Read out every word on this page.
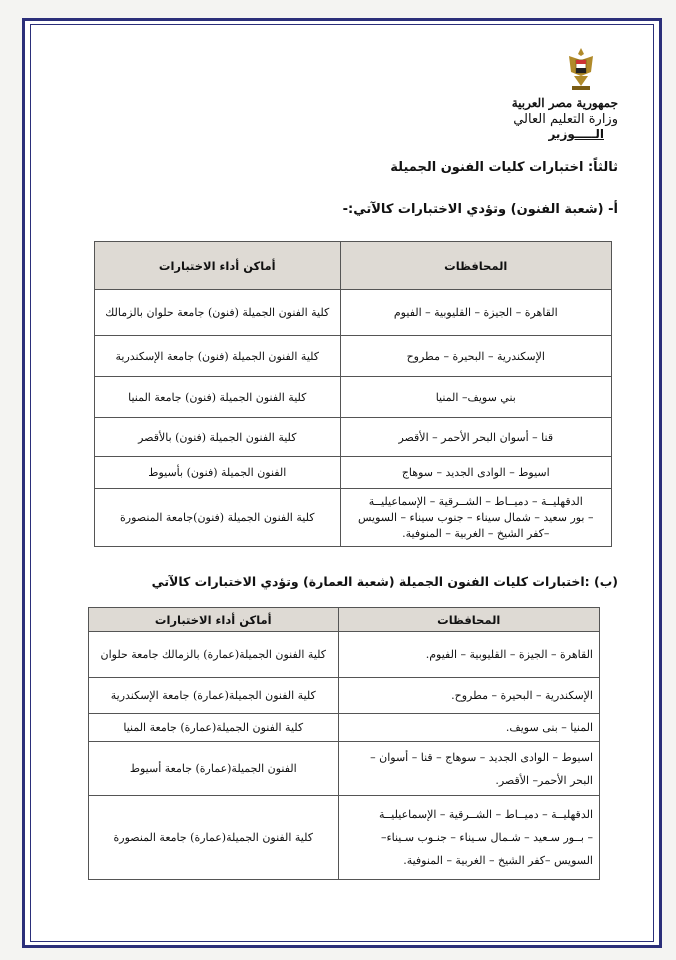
جمهورية مصر العربية
وزارة التعليم العالي
الـــــوزير
ثالثاً: اختبارات كليات الفنون الجميلة
أ- (شعبة الفنون) وتؤدي الاختبارات كالآتي:-
المحافظات	أماكن أداء الاختبارات
القاهرة – الجيزة – القليوبية – الفيوم	كلية الفنون الجميلة (فنون) جامعة حلوان بالزمالك
الإسكندرية – البحيرة – مطروح	كلية الفنون الجميلة (فنون) جامعة الإسكندرية
بني سويف– المنيا	كلية الفنون الجميلة (فنون) جامعة المنيا
قنا – أسوان البحر الأحمر – الأقصر	كلية الفنون الجميلة (فنون) بالأقصر
اسيوط – الوادى الجديد – سوهاج	الفنون الجميلة (فنون) بأسيوط

الدقهليــة – دميــاط – الشــرقية – الإسماعيليــة
– بور سعيد – شمال سيناء – جنوب سيناء – السويس
–كفر الشيخ – الغربية – المنوفية.	كلية الفنون الجميلة (فنون)جامعة المنصورة
(ب) :اختبارات كليات الفنون الجميلة (شعبة العمارة) وتؤدي الاختبارات كالآتي
المحافظات	أماكن أداء الاختبارات
القاهرة – الجيزة – القليوبية – الفيوم.	كلية الفنون الجميلة(عمارة) بالزمالك جامعة حلوان
الإسكندرية – البحيرة – مطروح.	كلية الفنون الجميلة(عمارة) جامعة الإسكندرية
المنيا – بنى سويف.	كلية الفنون الجميلة(عمارة) جامعة المنيا

اسيوط – الوادى الجديد – سوهاج – قنا – أسوان –
البحر الأحمر– الأقصر.	الفنون الجميلة(عمارة) جامعة أسيوط

الدقهليــة – دميــاط – الشــرقية – الإسماعيليــة
– بــور سـعيد – شـمال سـيناء – جنـوب سـيناء–
السويس –كفر الشيخ – الغربية – المنوفية.	كلية الفنون الجميلة(عمارة) جامعة المنصورة
